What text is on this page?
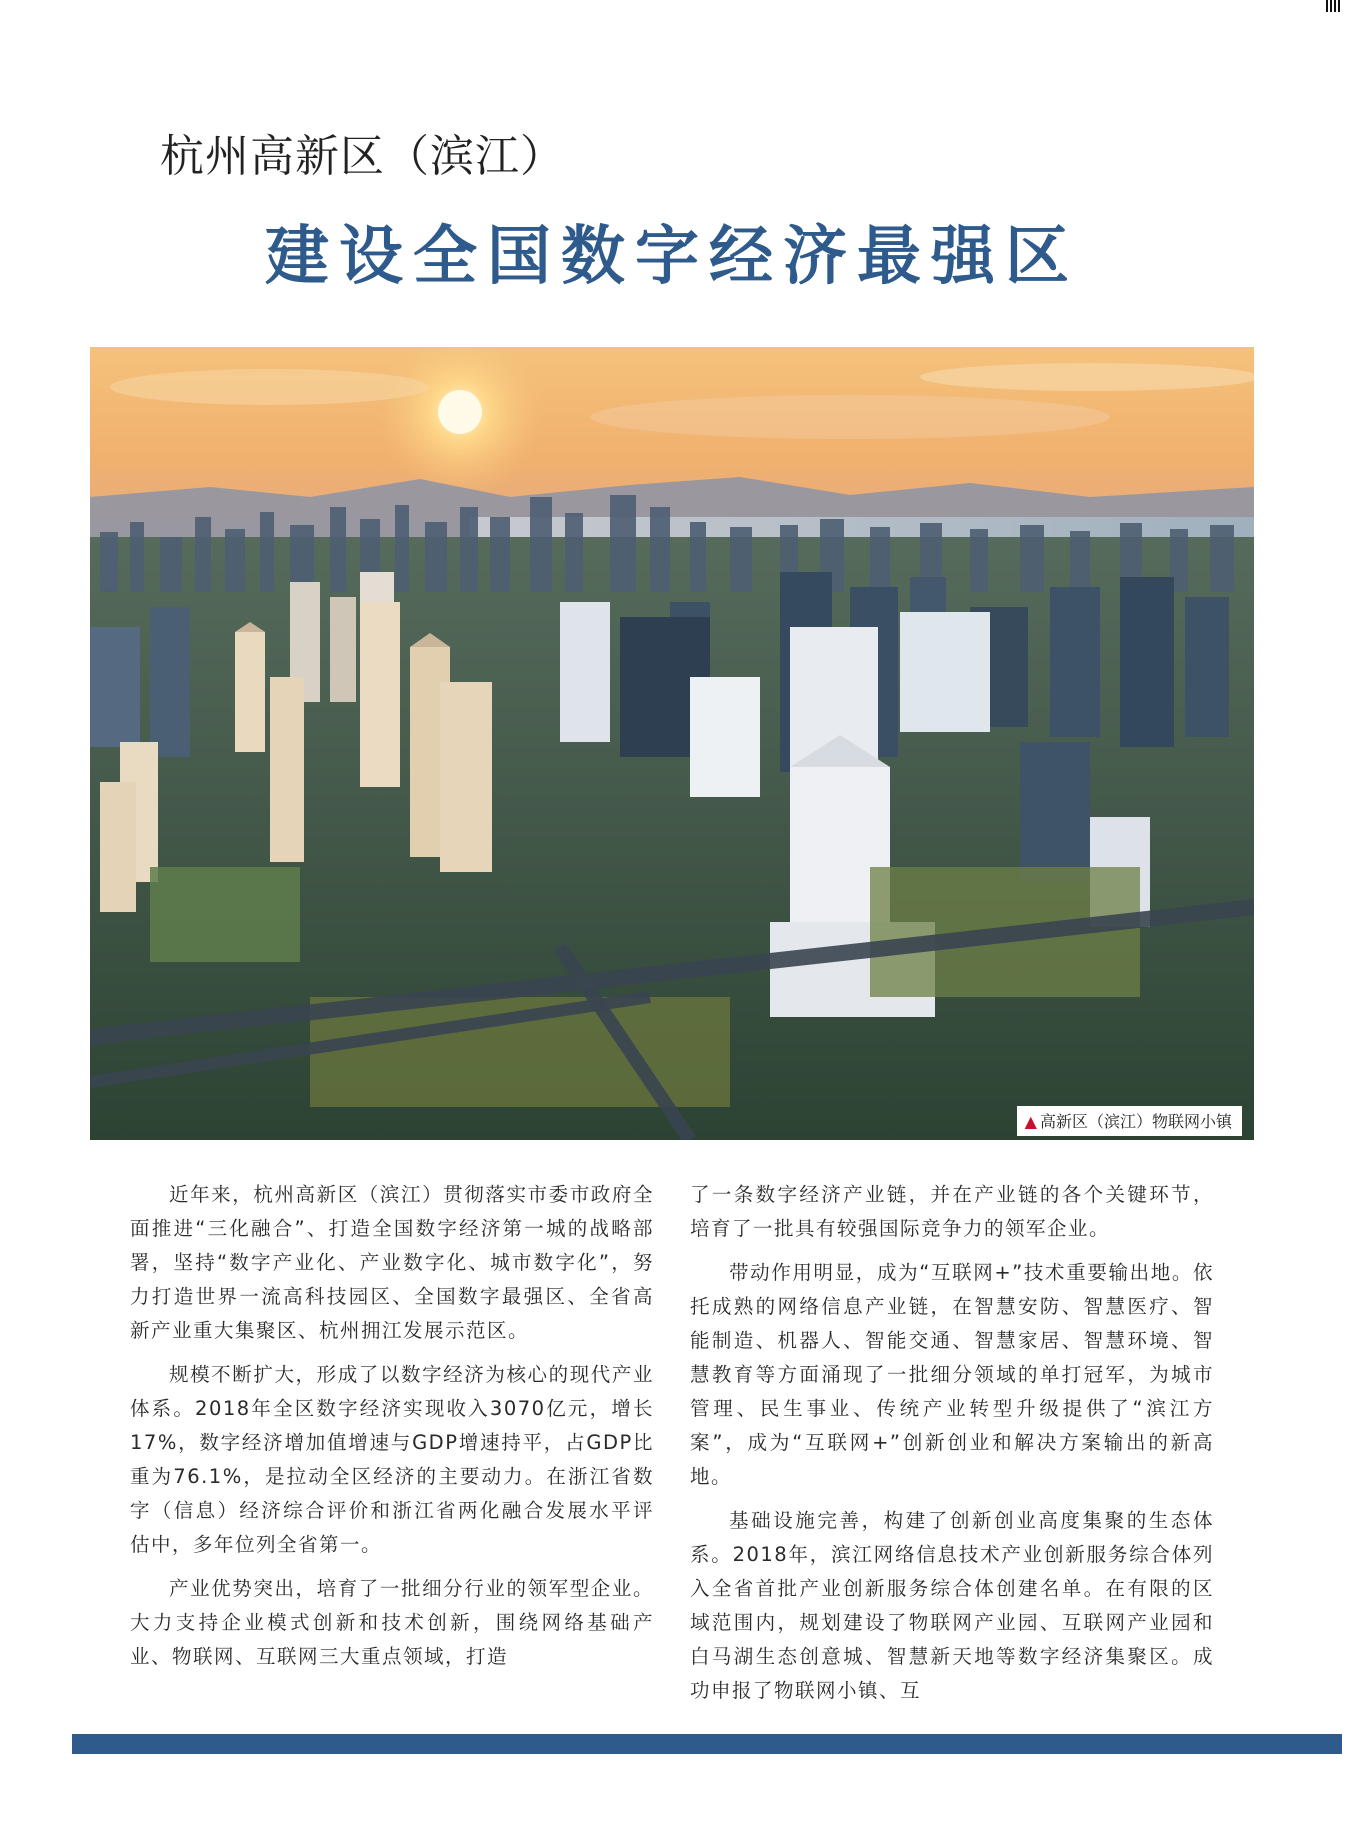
杭州高新区（滨江）
建设全国数字经济最强区
▲ 高新区（滨江）物联网小镇

近年来，杭州高新区（滨江）贯彻落实市委市政府全面推进“三化融合”、打造全国数字经济第一城的战略部署，坚持“数字产业化、产业数字化、城市数字化”，努力打造世界一流高科技园区、全国数字最强区、全省高新产业重大集聚区、杭州拥江发展示范区。

规模不断扩大，形成了以数字经济为核心的现代产业体系。2018年全区数字经济实现收入3070亿元，增长17%，数字经济增加值增速与GDP增速持平，占GDP比重为76.1%，是拉动全区经济的主要动力。在浙江省数字（信息）经济综合评价和浙江省两化融合发展水平评估中，多年位列全省第一。

产业优势突出，培育了一批细分行业的领军型企业。大力支持企业模式创新和技术创新，围绕网络基础产业、物联网、互联网三大重点领域，打造

了一条数字经济产业链，并在产业链的各个关键环节，培育了一批具有较强国际竞争力的领军企业。

带动作用明显，成为“互联网+”技术重要输出地。依托成熟的网络信息产业链，在智慧安防、智慧医疗、智能制造、机器人、智能交通、智慧家居、智慧环境、智慧教育等方面涌现了一批细分领域的单打冠军，为城市管理、民生事业、传统产业转型升级提供了“滨江方案”，成为“互联网+”创新创业和解决方案输出的新高地。

基础设施完善，构建了创新创业高度集聚的生态体系。2018年，滨江网络信息技术产业创新服务综合体列入全省首批产业创新服务综合体创建名单。在有限的区域范围内，规划建设了物联网产业园、互联网产业园和白马湖生态创意城、智慧新天地等数字经济集聚区。成功申报了物联网小镇、互
